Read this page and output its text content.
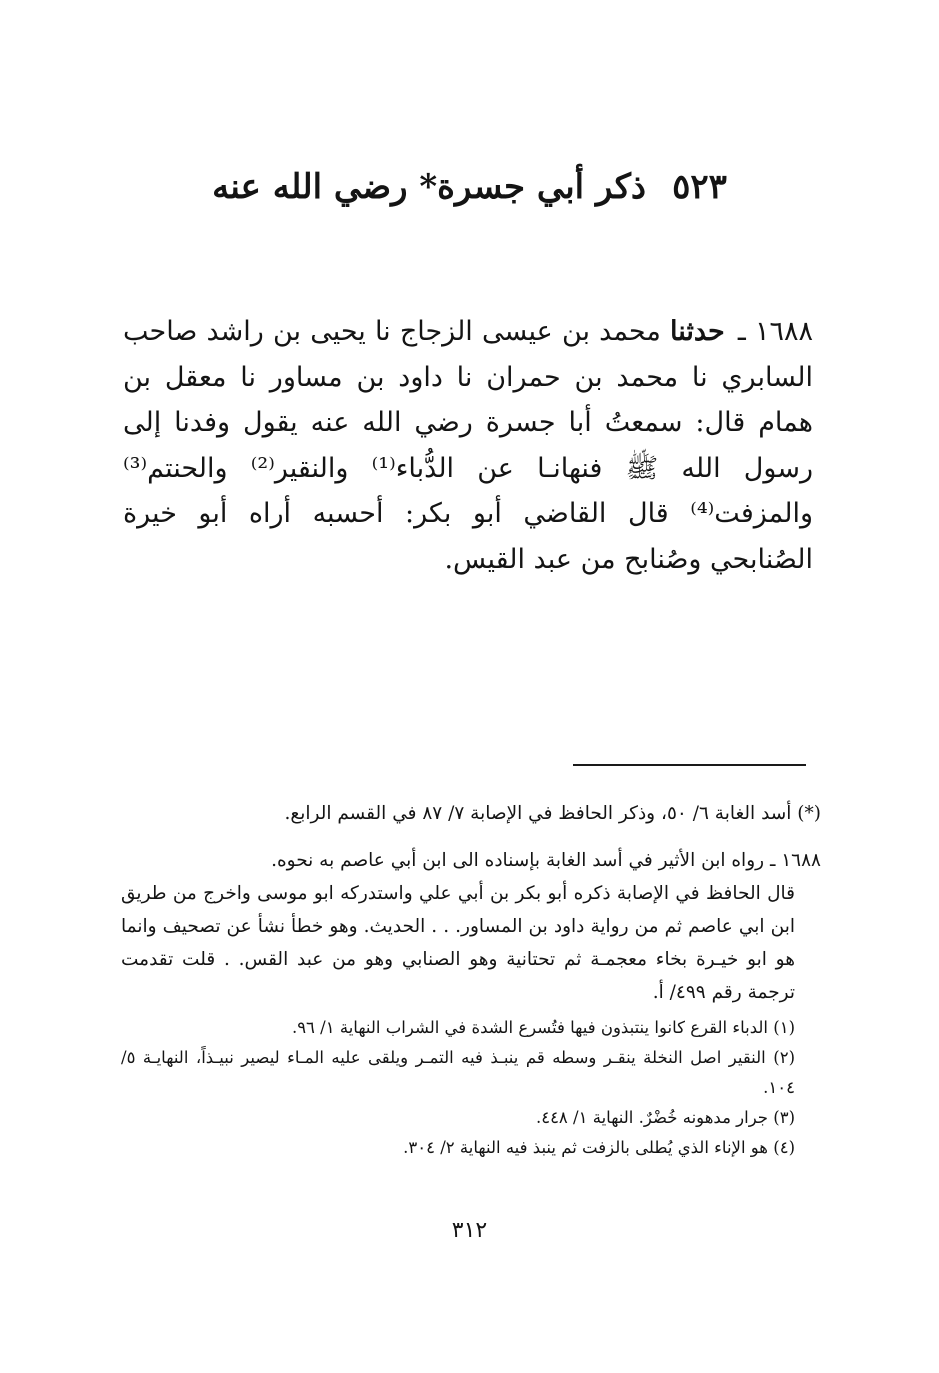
٥٢٣ذكر أبي جسرة* رضي الله عنه
١٦٨٨ ـ حدثنا محمد بن عيسى الزجاج نا يحيى بن راشد صاحب السابري نا محمد بن حمران نا داود بن مساور نا معقل بن همام قال: سمعتُ أبا جسرة رضي الله عنه يقول وفدنا إلى رسول الله ﷺ فنهانـا عن الدُّباء⁽¹⁾ والنقير⁽²⁾ والحنتم⁽³⁾ والمزفت⁽⁴⁾ قال القاضي أبو بكر: أحسبه أراه أبو خيرة الصُنابحي وصُنابح من عبد القيس.

(*) أسد الغابة ٦/ ٥٠، وذكر الحافظ في الإصابة ٧/ ٨٧ في القسم الرابع.

١٦٨٨ ـ رواه ابن الأثير في أسد الغابة بإسناده الى ابن أبي عاصم به نحوه.

قال الحافظ في الإصابة ذكره أبو بكر بن أبي علي واستدركه ابو موسى واخرج من طريق ابن ابي عاصم ثم من رواية داود بن المساور. . . الحديث. وهو خطأ نشأ عن تصحيف وانما هو ابو خيـرة بخاء معجمـة ثم تحتانية وهو الصنابي وهو من عبد القس. . قلت تقدمت ترجمة رقم ٤٩٩/ أ.

(١) الدباء القرع كانوا ينتبذون فيها فتُسرع الشدة في الشراب النهاية ١/ ٩٦.

(٢) النقير اصل النخلة ينقـر وسطه قم ينبـذ فيه التمـر ويلقى عليه المـاء ليصير نبيـذاً، النهايـة ٥/ ١٠٤.

(٣) جرار مدهونه خُضْرٌ. النهاية ١/ ٤٤٨.

(٤) هو الإناء الذي يُطلى بالزفت ثم ينبذ فيه النهاية ٢/ ٣٠٤.

٣١٢
